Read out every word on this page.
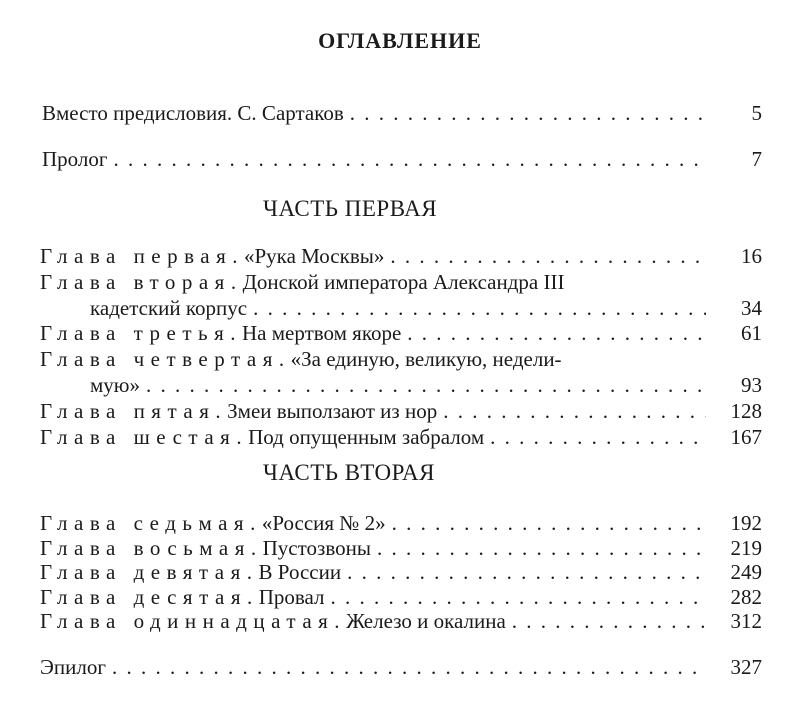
ОГЛАВЛЕНИЕ
ЧАСТЬ ПЕРВАЯ
ЧАСТЬ ВТОРАЯ
Вместо предисловия. С. Сартаков . . .	5
Пролог . . .	7
Глава первая. «Рука Москвы» . . .	16
Глава вторая. Донской императора Александра III
кадетский корпус . . .	34
Глава третья. На мертвом якоре . . .	61
Глава четвертая. «За единую, великую, недели-
мую» . . .	93
Глава пятая. Змеи выползают из нор . . .	128
Глава шестая. Под опущенным забралом . . .	167
Глава седьмая. «Россия № 2» . . .	192
Глава восьмая. Пустозвоны . . .	219
Глава девятая. В России . . .	249
Глава десятая. Провал . . .	282
Глава одиннадцатая. Железо и окалина . . .	312
Эпилог . . .	327
